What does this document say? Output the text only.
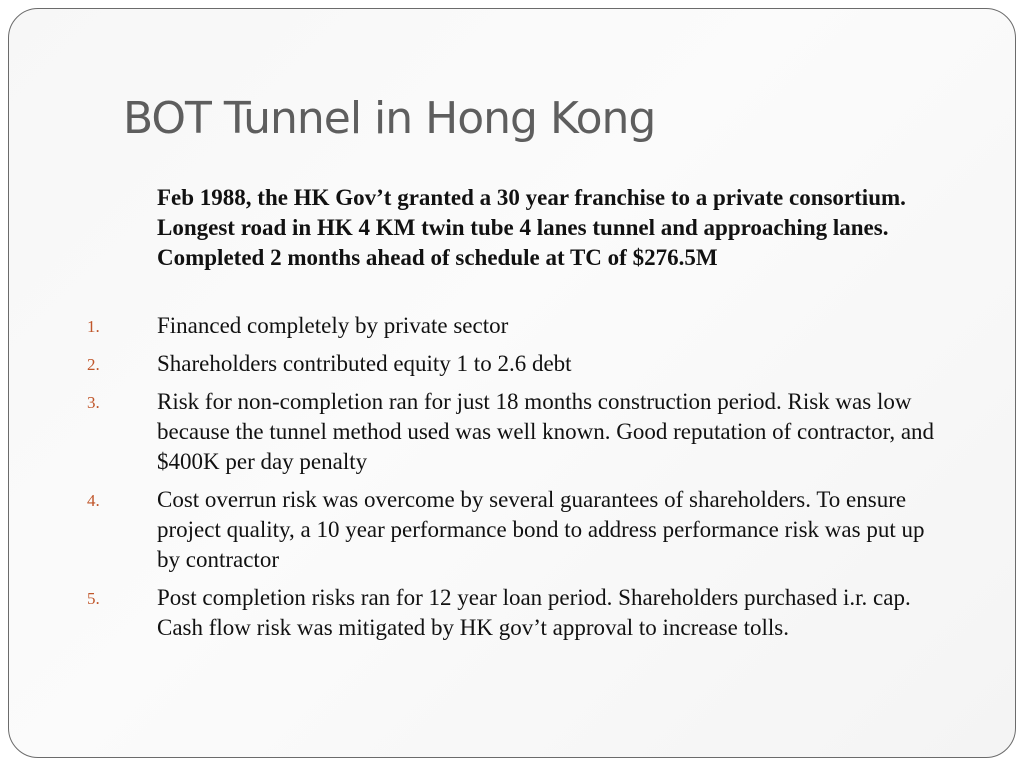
BOT Tunnel in Hong Kong

Feb 1988, the HK Gov’t granted a 30 year franchise to a private consortium. Longest road in HK 4 KM twin tube 4 lanes tunnel and approaching lanes. Completed 2 months ahead of schedule at TC of $276.5M

1. Financed completely by private sector
2. Shareholders contributed equity 1 to 2.6 debt
3. Risk for non-completion ran for just 18 months construction period. Risk was low because the tunnel method used was well known. Good reputation of contractor, and $400K per day penalty
4. Cost overrun risk was overcome by several guarantees of shareholders. To ensure project quality, a 10 year performance bond to address performance risk was put up by contractor
5. Post completion risks ran for 12 year loan period. Shareholders purchased i.r. cap. Cash flow risk was mitigated by HK gov’t approval to increase tolls.
